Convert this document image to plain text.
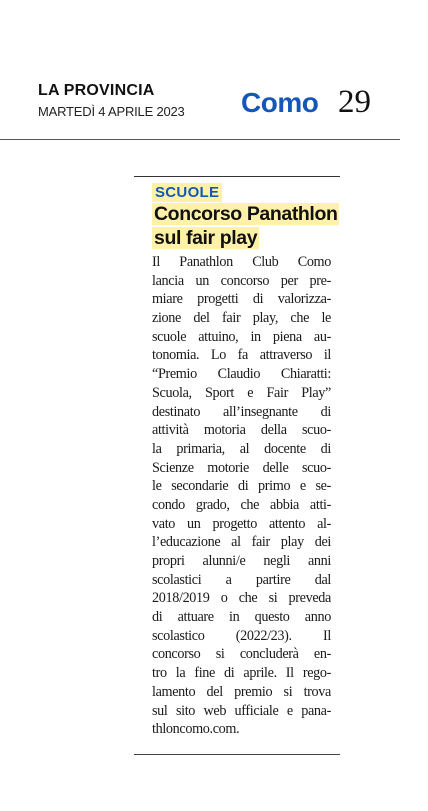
LA PROVINCIA
MARTEDÌ 4 APRILE 2023 Como 29
SCUOLE
Concorso Panathlon
sul fair play
Il Panathlon Club Como
lancia un concorso per pre-
miare progetti di valorizza-
zione del fair play, che le
scuole attuino, in piena au-
tonomia. Lo fa attraverso il
“Premio Claudio Chiaratti:
Scuola, Sport e Fair Play”
destinato all’insegnante di
attività motoria della scuo-
la primaria, al docente di
Scienze motorie delle scuo-
le secondarie di primo e se-
condo grado, che abbia atti-
vato un progetto attento al-
l’educazione al fair play dei
propri alunni/e negli anni
scolastici a partire dal
2018/2019 o che si preveda
di attuare in questo anno
scolastico (2022/23). Il
concorso si concluderà en-
tro la fine di aprile. Il rego-
lamento del premio si trova
sul sito web ufficiale e pana-
thloncomo.com.
